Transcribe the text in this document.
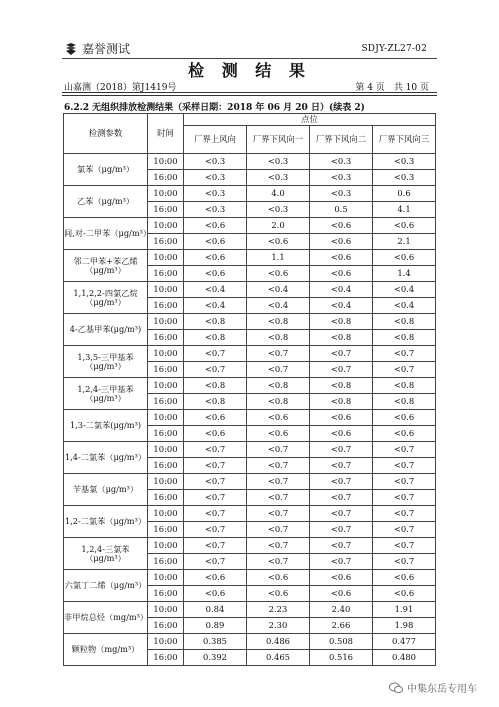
嘉誉测试	SDJY-ZL27-02
检 测 结 果
山嘉测（2018）第J1419号	第 4 页　共 10 页
6.2.2 无组织排放检测结果（采样日期：2018 年 06 月 20 日）(续表 2)
检测参数	时间	点位			
		厂界上风向	厂界下风向一	厂界下风向二	厂界下风向三
氯苯（μg/m³）	10:00	<0.3	<0.3	<0.3	<0.3
	16:00	<0.3	<0.3	<0.3	<0.3
乙苯（μg/m³）	10:00	<0.3	4.0	<0.3	0.6
	16:00	<0.3	<0.3	0.5	4.1
间,对-二甲苯（μg/m³）	10:00	<0.6	2.0	<0.6	<0.6
	16:00	<0.6	<0.6	<0.6	2.1
邻二甲苯+苯乙烯（μg/m³）	10:00	<0.6	1.1	<0.6	<0.6
	16:00	<0.6	<0.6	<0.6	1.4
1,1,2,2-四氯乙烷（μg/m³）	10:00	<0.4	<0.4	<0.4	<0.4
	16:00	<0.4	<0.4	<0.4	<0.4
4-乙基甲苯(μg/m³)	10:00	<0.8	<0.8	<0.8	<0.8
	16:00	<0.8	<0.8	<0.8	<0.8
1,3,5-三甲基苯（μg/m³）	10:00	<0.7	<0.7	<0.7	<0.7
	16:00	<0.7	<0.7	<0.7	<0.7
1,2,4-三甲基苯（μg/m³）	10:00	<0.8	<0.8	<0.8	<0.8
	16:00	<0.8	<0.8	<0.8	<0.8
1,3-二氯苯(μg/m³)	10:00	<0.6	<0.6	<0.6	<0.6
	16:00	<0.6	<0.6	<0.6	<0.6
1,4-二氯苯（μg/m³）	10:00	<0.7	<0.7	<0.7	<0.7
	16:00	<0.7	<0.7	<0.7	<0.7
苄基氯（μg/m³）	10:00	<0.7	<0.7	<0.7	<0.7
	16:00	<0.7	<0.7	<0.7	<0.7
1,2-二氯苯（μg/m³）	10:00	<0.7	<0.7	<0.7	<0.7
	16:00	<0.7	<0.7	<0.7	<0.7
1,2,4-三氯苯（μg/m³）	10:00	<0.7	<0.7	<0.7	<0.7
	16:00	<0.7	<0.7	<0.7	<0.7
六氯丁二烯（μg/m³）	10:00	<0.6	<0.6	<0.6	<0.6
	16:00	<0.6	<0.6	<0.6	<0.6
非甲烷总烃（mg/m³）	10:00	0.84	2.23	2.40	1.91
	16:00	0.89	2.30	2.66	1.98
颗粒物（mg/m³）	10:00	0.385	0.486	0.508	0.477
	16:00	0.392	0.465	0.516	0.480
中集东岳专用车
